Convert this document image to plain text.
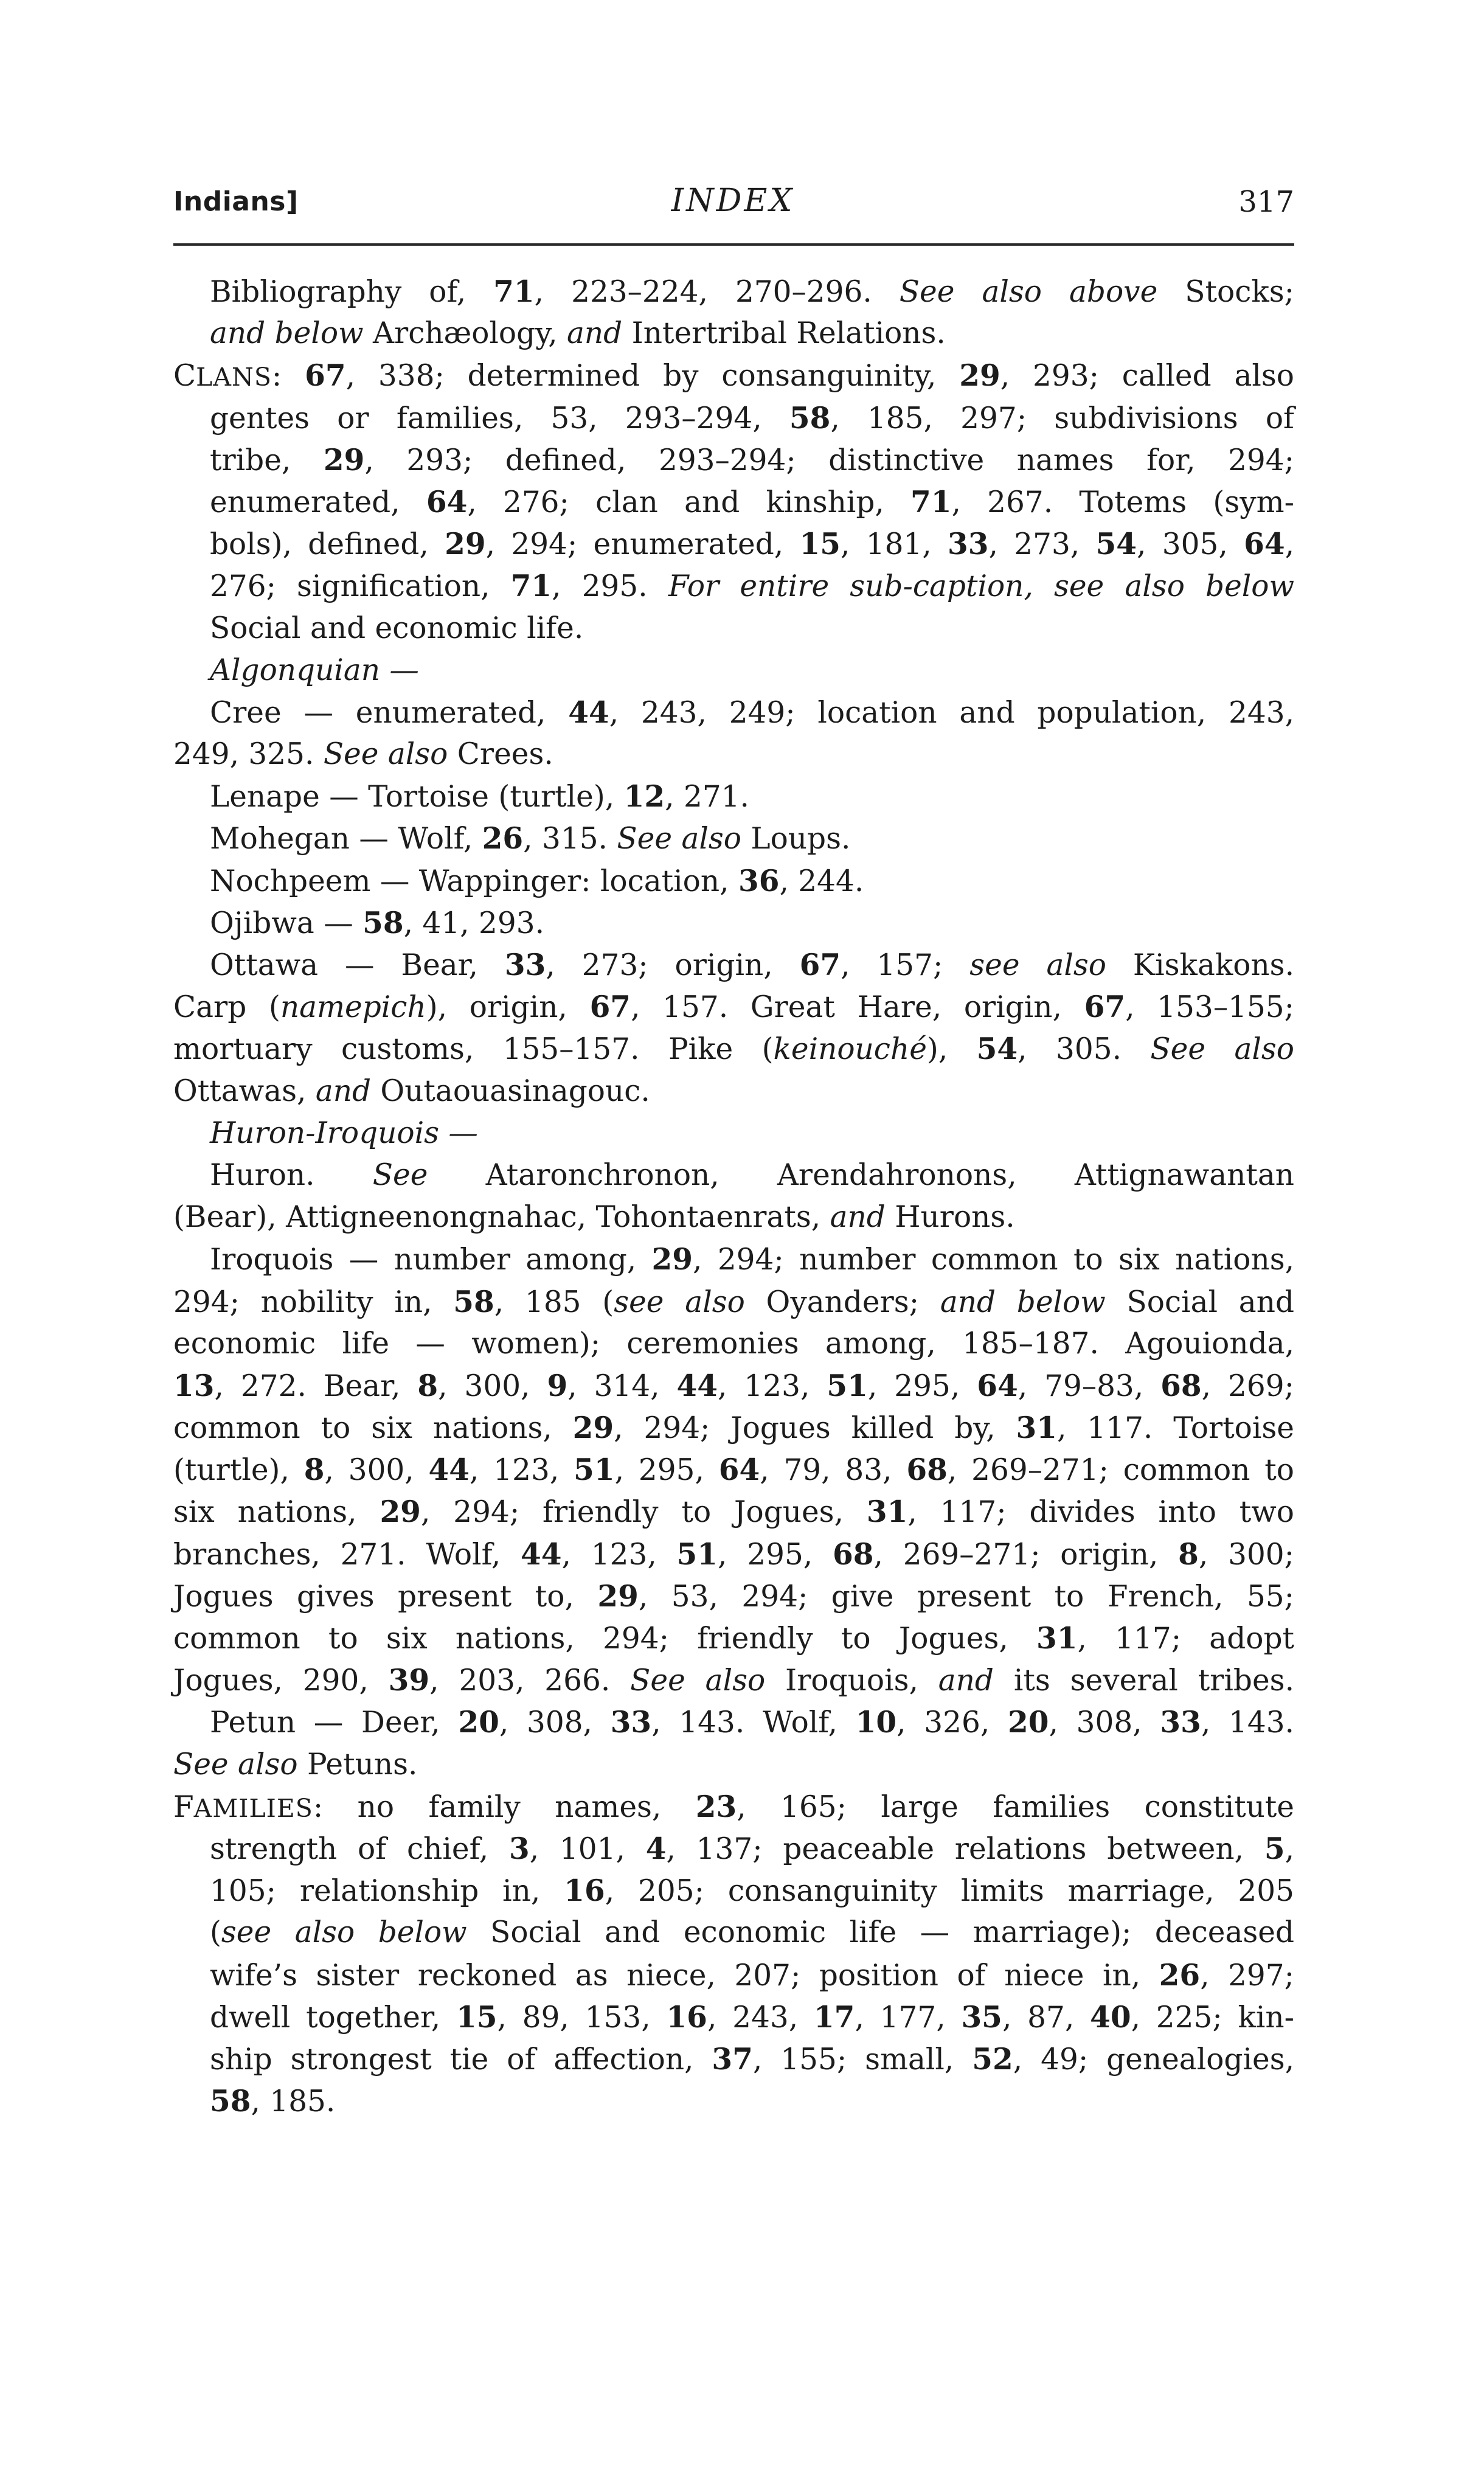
Indians]	INDEX	317
Bibliography of, 71, 223–224, 270–296. See also above Stocks;
and below Archæology, and Intertribal Relations.
CLANS: 67, 338; determined by consanguinity, 29, 293; called also
gentes or families, 53, 293–294, 58, 185, 297; subdivisions of
tribe, 29, 293; defined, 293–294; distinctive names for, 294;
enumerated, 64, 276; clan and kinship, 71, 267. Totems (sym-
bols), defined, 29, 294; enumerated, 15, 181, 33, 273, 54, 305, 64,
276; signification, 71, 295. For entire sub-caption, see also below
Social and economic life.
Algonquian —
Cree — enumerated, 44, 243, 249; location and population, 243,
249, 325. See also Crees.
Lenape — Tortoise (turtle), 12, 271.
Mohegan — Wolf, 26, 315. See also Loups.
Nochpeem — Wappinger: location, 36, 244.
Ojibwa — 58, 41, 293.
Ottawa — Bear, 33, 273; origin, 67, 157; see also Kiskakons.
Carp (namepich), origin, 67, 157. Great Hare, origin, 67, 153–155;
mortuary customs, 155–157. Pike (keinouché), 54, 305. See also
Ottawas, and Outaouasinagouc.
Huron-Iroquois —
Huron. See Ataronchronon, Arendahronons, Attignawantan
(Bear), Attigneenongnahac, Tohontaenrats, and Hurons.
Iroquois — number among, 29, 294; number common to six nations,
294; nobility in, 58, 185 (see also Oyanders; and below Social and
economic life — women); ceremonies among, 185–187. Agouionda,
13, 272. Bear, 8, 300, 9, 314, 44, 123, 51, 295, 64, 79–83, 68, 269;
common to six nations, 29, 294; Jogues killed by, 31, 117. Tortoise
(turtle), 8, 300, 44, 123, 51, 295, 64, 79, 83, 68, 269–271; common to
six nations, 29, 294; friendly to Jogues, 31, 117; divides into two
branches, 271. Wolf, 44, 123, 51, 295, 68, 269–271; origin, 8, 300;
Jogues gives present to, 29, 53, 294; give present to French, 55;
common to six nations, 294; friendly to Jogues, 31, 117; adopt
Jogues, 290, 39, 203, 266. See also Iroquois, and its several tribes.
Petun — Deer, 20, 308, 33, 143. Wolf, 10, 326, 20, 308, 33, 143.
See also Petuns.
FAMILIES: no family names, 23, 165; large families constitute
strength of chief, 3, 101, 4, 137; peaceable relations between, 5,
105; relationship in, 16, 205; consanguinity limits marriage, 205
(see also below Social and economic life — marriage); deceased
wife’s sister reckoned as niece, 207; position of niece in, 26, 297;
dwell together, 15, 89, 153, 16, 243, 17, 177, 35, 87, 40, 225; kin-
ship strongest tie of affection, 37, 155; small, 52, 49; genealogies,
58, 185.
